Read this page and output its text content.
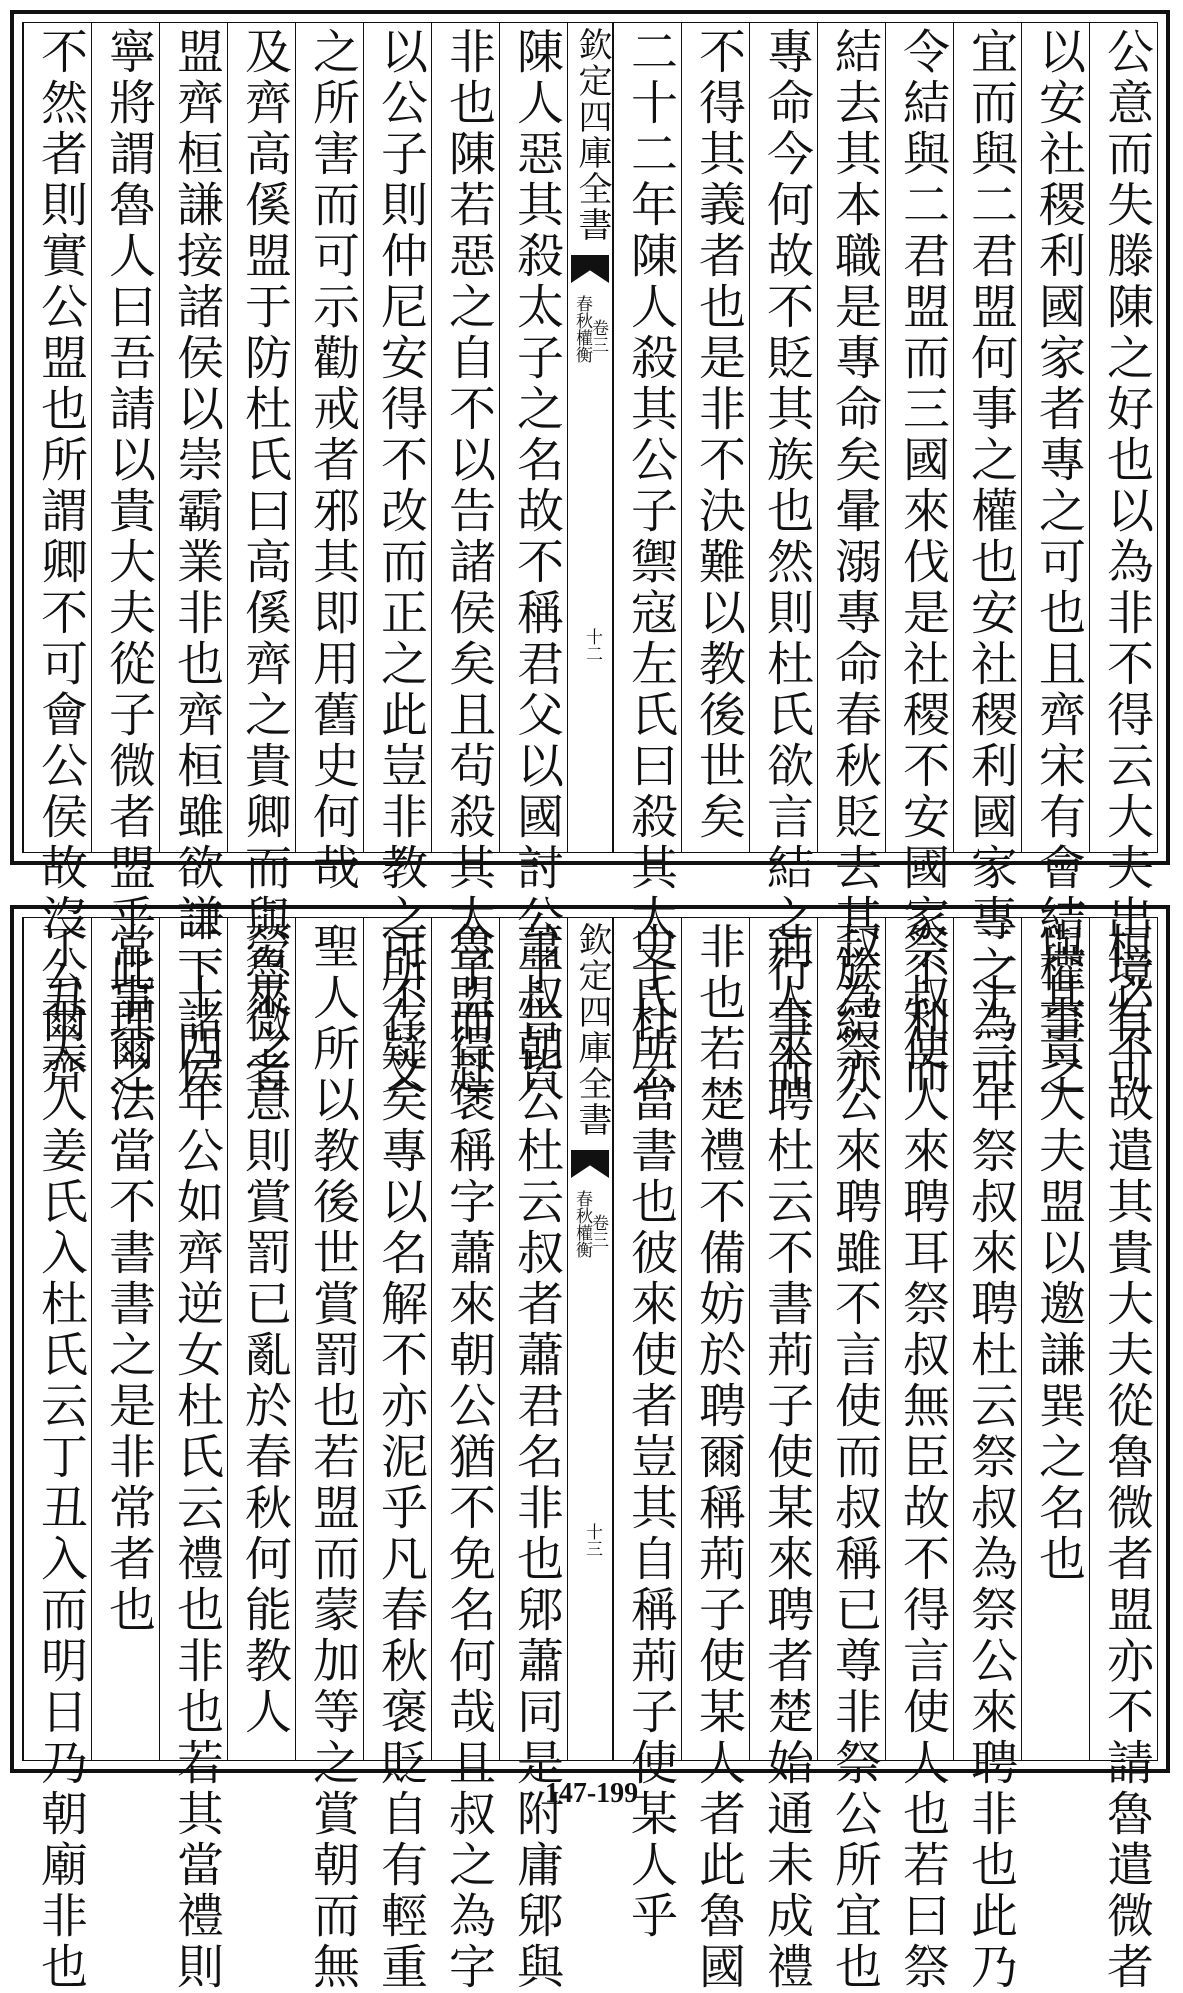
公意而失滕陳之好也以為非不得云大夫出境有可
以安社稷利國家者專之可也且齊宋有會結權事之
宜而與二君盟何事之權也安社稷利國家專之為可
令結與二君盟而三國來伐是社稷不安國家不利而
結去其本職是專命矣暈溺專命春秋貶去其族結亦
專命今何故不貶其族也然則杜氏欲言結之行事而
不得其義者也是非不決難以教後世矣
二十二年陳人殺其公子禦寇左氏曰殺其太子杜云
陳人惡其殺太子之名故不稱君父以國討公子告皆
非也陳若惡之自不以告諸侯矣且茍殺其太子而赴
以公子則仲尼安得不改而正之此豈非教之所存文
之所害而可示勸戒者邪其即用舊史何哉
及齊高傒盟于防杜氏曰高傒齊之貴卿而與魯微者
盟齊桓謙接諸侯以崇霸業非也齊桓雖欲謙下諸侯
寧將謂魯人曰吾請以貴大夫從子微者盟乎此理之
不然者則實公盟也所謂卿不可會公侯故沒公爾齊	欽定四庫全書
春秋權衡
卷三
十二
桓必不故遣其貴大夫從魯微者盟亦不請魯遣微者
與其貴大夫盟以邀謙巽之名也
二十三年祭叔來聘杜云祭叔為祭公來聘非也此乃
祭叔使人來聘耳祭叔無臣故不得言使人也若曰祭
叔為祭公來聘雖不言使而叔稱已尊非祭公所宜也
荊人來聘杜云不書荊子使某來聘者楚始通未成禮
非也若楚禮不備妨於聘爾稱荊子使某人者此魯國
史氏所當書也彼來使者豈其自稱荊子使某人乎
蕭叔朝公杜云叔者蕭君名非也郳蕭同是附庸郳與
魯盟得褒稱字蕭來朝公猶不免名何哉且叔之為字
可不疑矣專以名解不亦泥乎凡春秋褒貶自有輕重
聖人所以教後世賞罰也若盟而蒙加等之賞朝而無
勞來之意則賞罰已亂於春秋何能教人
二十四年公如齊逆女杜氏云禮也非也若其當禮則
常事爾法當不書書之是非常者也
丁丑夫人姜氏入杜氏云丁丑入而明日乃朝廟非也	欽定四庫全書
春秋權衡
卷三
十三
147-199
